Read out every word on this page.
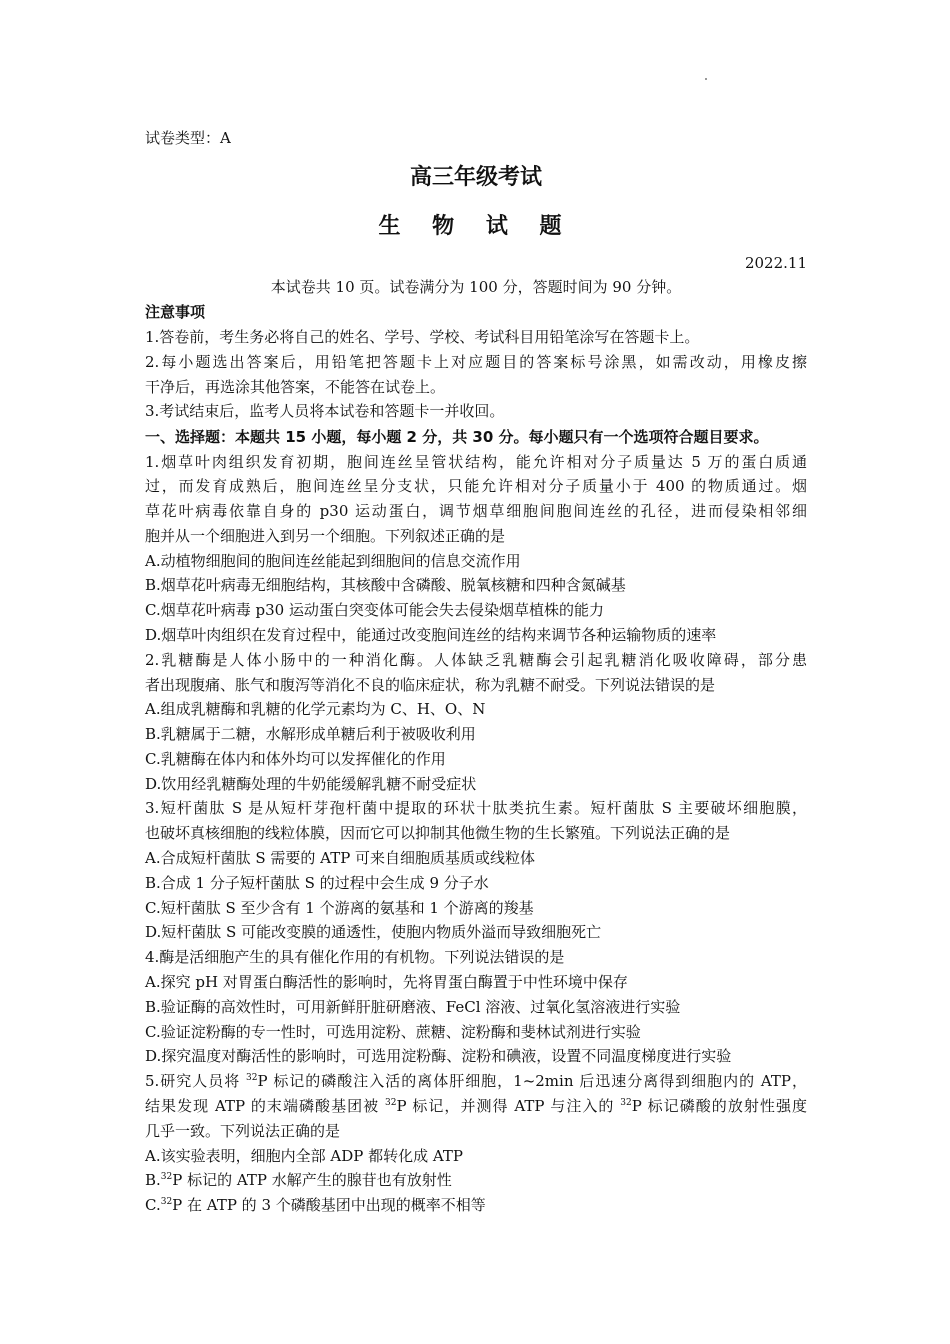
试卷类型：A
高三年级考试
生 物 试 题
2022.11
本试卷共 10 页。试卷满分为 100 分，答题时间为 90 分钟。
注意事项
1.答卷前，考生务必将自己的姓名、学号、学校、考试科目用铅笔涂写在答题卡上。
2.每小题选出答案后，用铅笔把答题卡上对应题目的答案标号涂黑，如需改动，用橡皮擦
干净后，再选涂其他答案，不能答在试卷上。
3.考试结束后，监考人员将本试卷和答题卡一并收回。
一、选择题：本题共 15 小题，每小题 2 分，共 30 分。每小题只有一个选项符合题目要求。
1.烟草叶肉组织发育初期，胞间连丝呈管状结构，能允许相对分子质量达 5 万的蛋白质通
过，而发育成熟后，胞间连丝呈分支状，只能允许相对分子质量小于 400 的物质通过。烟
草花叶病毒依靠自身的 p30 运动蛋白，调节烟草细胞间胞间连丝的孔径，进而侵染相邻细
胞并从一个细胞进入到另一个细胞。下列叙述正确的是
A.动植物细胞间的胞间连丝能起到细胞间的信息交流作用
B.烟草花叶病毒无细胞结构，其核酸中含磷酸、脱氧核糖和四种含氮碱基
C.烟草花叶病毒 p30 运动蛋白突变体可能会失去侵染烟草植株的能力
D.烟草叶肉组织在发育过程中，能通过改变胞间连丝的结构来调节各种运输物质的速率
2.乳糖酶是人体小肠中的一种消化酶。人体缺乏乳糖酶会引起乳糖消化吸收障碍，部分患
者出现腹痛、胀气和腹泻等消化不良的临床症状，称为乳糖不耐受。下列说法错误的是
A.组成乳糖酶和乳糖的化学元素均为 C、H、O、N
B.乳糖属于二糖，水解形成单糖后利于被吸收利用
C.乳糖酶在体内和体外均可以发挥催化的作用
D.饮用经乳糖酶处理的牛奶能缓解乳糖不耐受症状
3.短杆菌肽 S 是从短杆芽孢杆菌中提取的环状十肽类抗生素。短杆菌肽 S 主要破坏细胞膜，
也破坏真核细胞的线粒体膜，因而它可以抑制其他微生物的生长繁殖。下列说法正确的是
A.合成短杆菌肽 S 需要的 ATP 可来自细胞质基质或线粒体
B.合成 1 分子短杆菌肽 S 的过程中会生成 9 分子水
C.短杆菌肽 S 至少含有 1 个游离的氨基和 1 个游离的羧基
D.短杆菌肽 S 可能改变膜的通透性，使胞内物质外溢而导致细胞死亡
4.酶是活细胞产生的具有催化作用的有机物。下列说法错误的是
A.探究 pH 对胃蛋白酶活性的影响时，先将胃蛋白酶置于中性环境中保存
B.验证酶的高效性时，可用新鲜肝脏研磨液、FeCl 溶液、过氧化氢溶液进行实验
C.验证淀粉酶的专一性时，可选用淀粉、蔗糖、淀粉酶和斐林试剂进行实验
D.探究温度对酶活性的影响时，可选用淀粉酶、淀粉和碘液，设置不同温度梯度进行实验
5.研究人员将 $^{32}$P 标记的磷酸注入活的离体肝细胞，1~2min 后迅速分离得到细胞内的 ATP，
结果发现 ATP 的末端磷酸基团被 $^{32}$P 标记，并测得 ATP 与注入的 $^{32}$P 标记磷酸的放射性强度
几乎一致。下列说法正确的是
A.该实验表明，细胞内全部 ADP 都转化成 ATP
B.$^{32}$P 标记的 ATP 水解产生的腺苷也有放射性
C.$^{32}$P 在 ATP 的 3 个磷酸基团中出现的概率不相等
